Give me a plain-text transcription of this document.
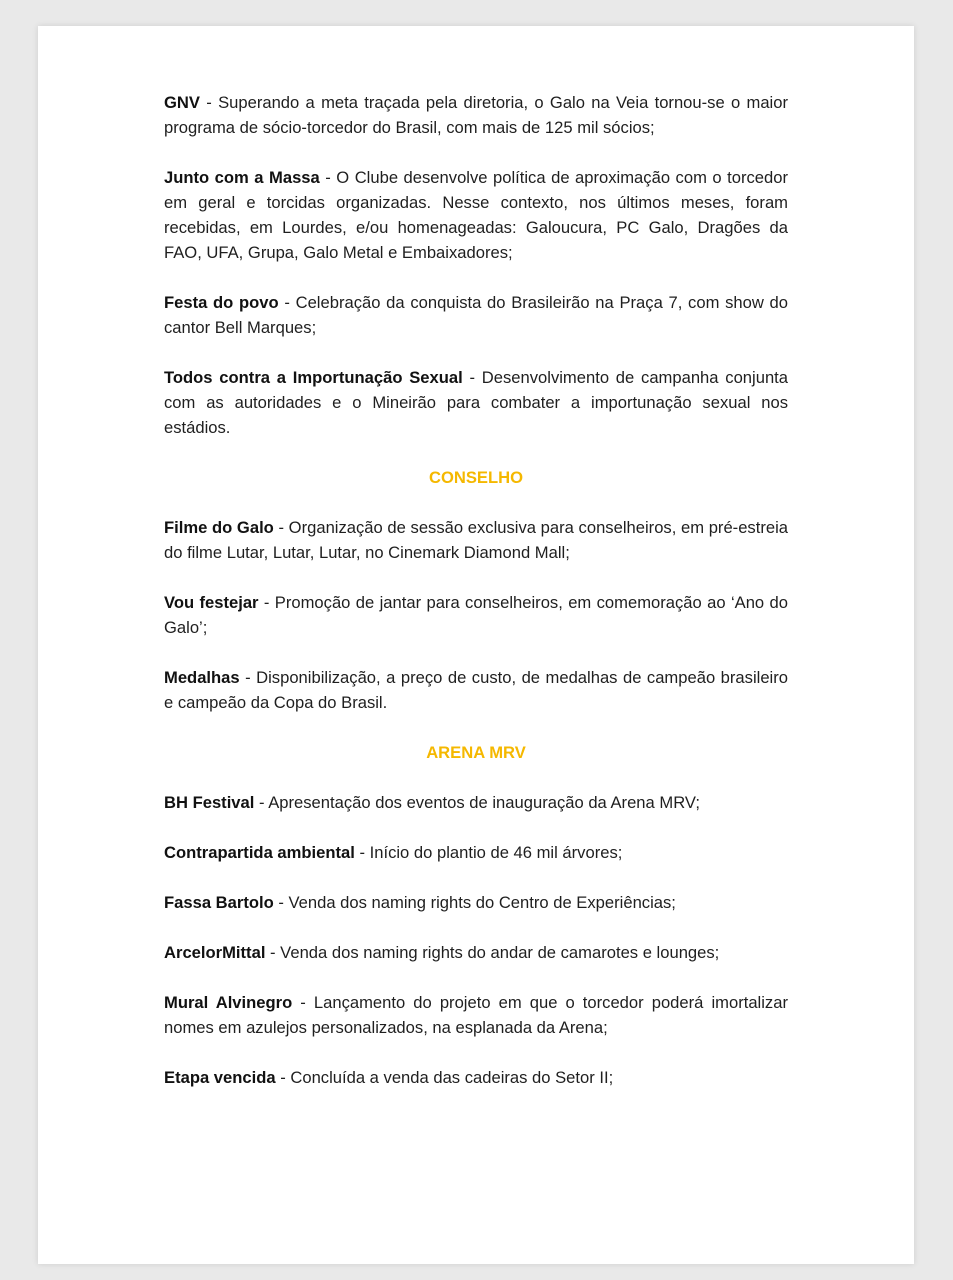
GNV - Superando a meta traçada pela diretoria, o Galo na Veia tornou-se o maior programa de sócio-torcedor do Brasil, com mais de 125 mil sócios;

Junto com a Massa - O Clube desenvolve política de aproximação com o torcedor em geral e torcidas organizadas. Nesse contexto, nos últimos meses, foram recebidas, em Lourdes, e/ou homenageadas: Galoucura, PC Galo, Dragões da FAO, UFA, Grupa, Galo Metal e Embaixadores;

Festa do povo - Celebração da conquista do Brasileirão na Praça 7, com show do cantor Bell Marques;

Todos contra a Importunação Sexual - Desenvolvimento de campanha conjunta com as autoridades e o Mineirão para combater a importunação sexual nos estádios.

CONSELHO

Filme do Galo - Organização de sessão exclusiva para conselheiros, em pré-estreia do filme Lutar, Lutar, Lutar, no Cinemark Diamond Mall;

Vou festejar - Promoção de jantar para conselheiros, em comemoração ao ‘Ano do Galo’;

Medalhas - Disponibilização, a preço de custo, de medalhas de campeão brasileiro e campeão da Copa do Brasil.

ARENA MRV

BH Festival - Apresentação dos eventos de inauguração da Arena MRV;

Contrapartida ambiental - Início do plantio de 46 mil árvores;

Fassa Bartolo - Venda dos naming rights do Centro de Experiências;

ArcelorMittal - Venda dos naming rights do andar de camarotes e lounges;

Mural Alvinegro - Lançamento do projeto em que o torcedor poderá imortalizar nomes em azulejos personalizados, na esplanada da Arena;

Etapa vencida - Concluída a venda das cadeiras do Setor II;
